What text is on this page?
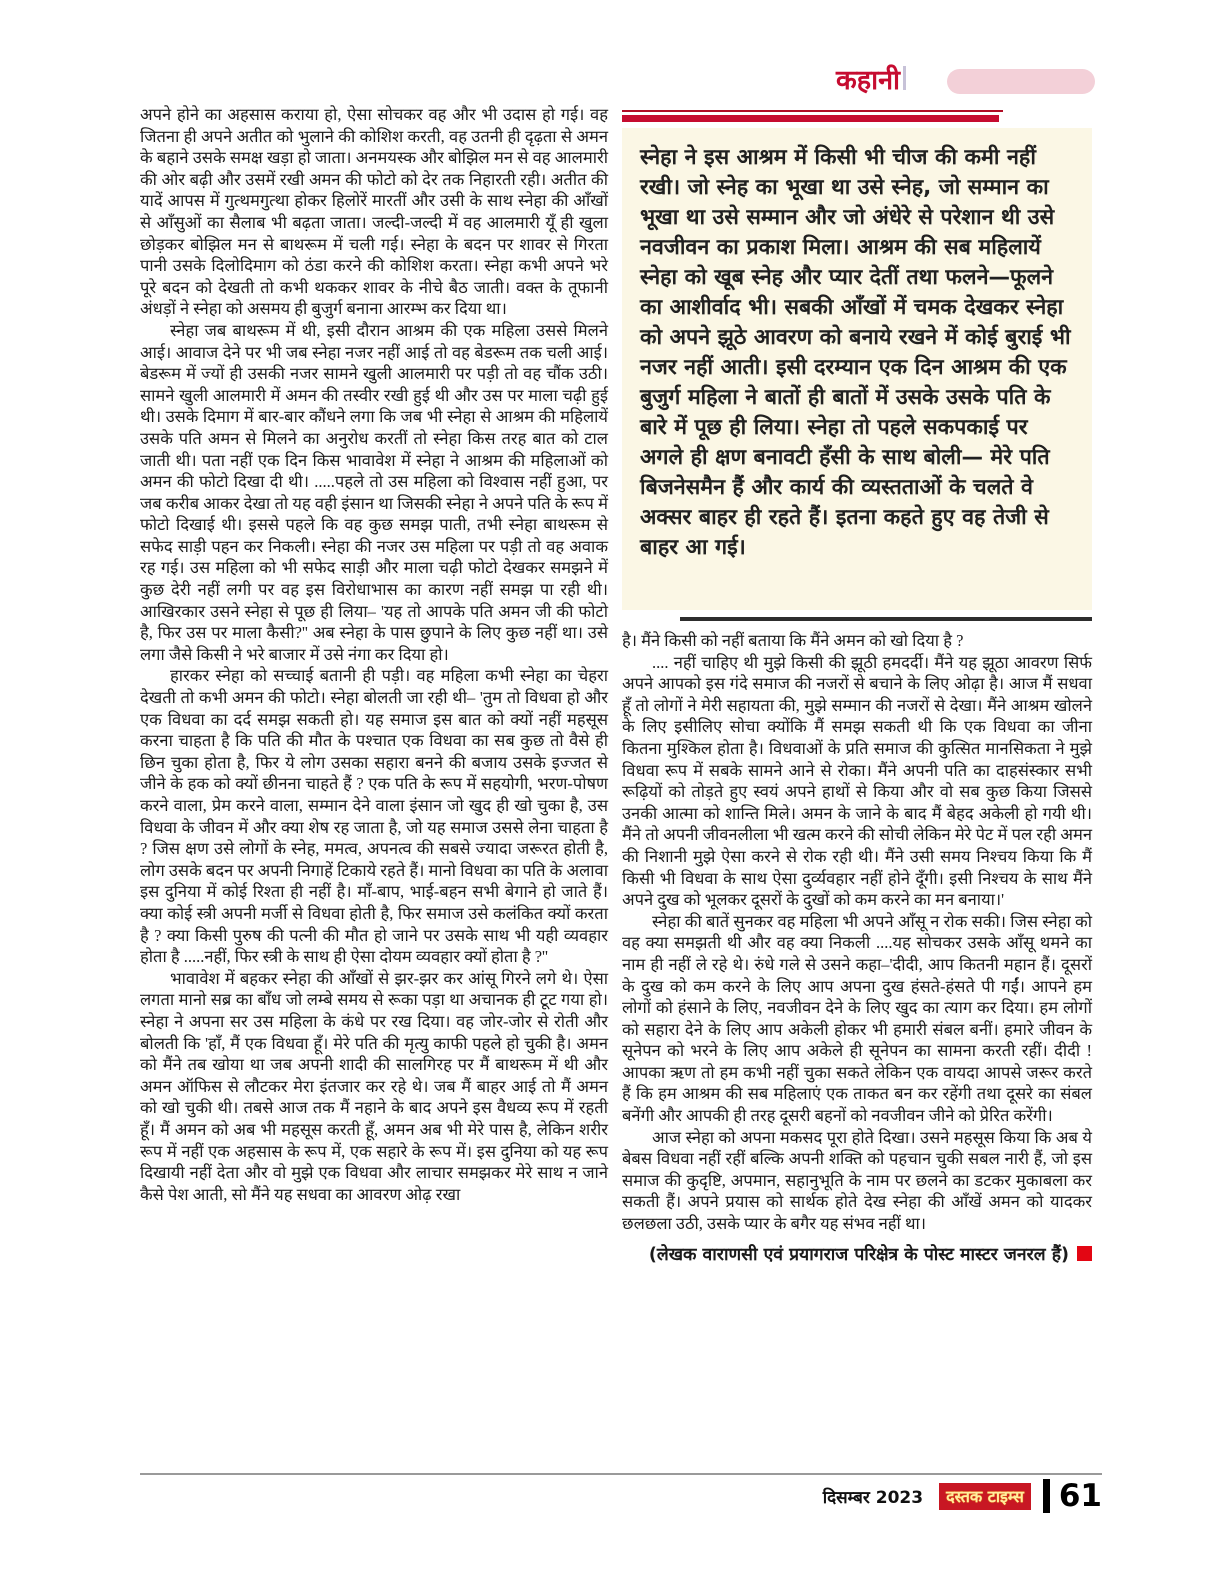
कहानी

स्नेहा ने इस आश्रम में किसी भी चीज की कमी नहीं रखी। जो स्नेह का भूखा था उसे स्नेह, जो सम्मान का भूखा था उसे सम्मान और जो अंधेरे से परेशान थी उसे नवजीवन का प्रकाश मिला। आश्रम की सब महिलायें स्नेहा को खूब स्नेह और प्यार देतीं तथा फलने—फूलने का आशीर्वाद भी। सबकी आँखों में चमक देखकर स्नेहा को अपने झूठे आवरण को बनाये रखने में कोई बुराई भी नजर नहीं आती। इसी दरम्यान एक दिन आश्रम की एक बुजुर्ग महिला ने बातों ही बातों में उसके उसके पति के बारे में पूछ ही लिया। स्नेहा तो पहले सकपकाई पर अगले ही क्षण बनावटी हँसी के साथ बोली— मेरे पति बिजनेसमैन हैं और कार्य की व्यस्तताओं के चलते वे अक्सर बाहर ही रहते हैं। इतना कहते हुए वह तेजी से बाहर आ गई।

अपने होने का अहसास कराया हो, ऐसा सोचकर वह और भी उदास हो गई। वह जितना ही अपने अतीत को भुलाने की कोशिश करती, वह उतनी ही दृढ़ता से अमन के बहाने उसके समक्ष खड़ा हो जाता। अनमयस्क और बोझिल मन से वह आलमारी की ओर बढ़ी और उसमें रखी अमन की फोटो को देर तक निहारती रही। अतीत की यादें आपस में गुत्थमगुत्था होकर हिलोरें मारतीं और उसी के साथ स्नेहा की आँखों से आँसुओं का सैलाब भी बढ़ता जाता। जल्दी-जल्दी में वह आलमारी यूँ ही खुला छोड़कर बोझिल मन से बाथरूम में चली गई। स्नेहा के बदन पर शावर से गिरता पानी उसके दिलोदिमाग को ठंडा करने की कोशिश करता। स्नेहा कभी अपने भरे पूरे बदन को देखती तो कभी थककर शावर के नीचे बैठ जाती। वक्त के तूफानी अंधड़ों ने स्नेहा को असमय ही बुजुर्ग बनाना आरम्भ कर दिया था।

स्नेहा जब बाथरूम में थी, इसी दौरान आश्रम की एक महिला उससे मिलने आई। आवाज देने पर भी जब स्नेहा नजर नहीं आई तो वह बेडरूम तक चली आई। बेडरूम में ज्यों ही उसकी नजर सामने खुली आलमारी पर पड़ी तो वह चौंक उठी। सामने खुली आलमारी में अमन की तस्वीर रखी हुई थी और उस पर माला चढ़ी हुई थी। उसके दिमाग में बार-बार कौंधने लगा कि जब भी स्नेहा से आश्रम की महिलायें उसके पति अमन से मिलने का अनुरोध करतीं तो स्नेहा किस तरह बात को टाल जाती थी। पता नहीं एक दिन किस भावावेश में स्नेहा ने आश्रम की महिलाओं को अमन की फोटो दिखा दी थी। .....पहले तो उस महिला को विश्वास नहीं हुआ, पर जब करीब आकर देखा तो यह वही इंसान था जिसकी स्नेहा ने अपने पति के रूप में फोटो दिखाई थी। इससे पहले कि वह कुछ समझ पाती, तभी स्नेहा बाथरूम से सफेद साड़ी पहन कर निकली। स्नेहा की नजर उस महिला पर पड़ी तो वह अवाक रह गई। उस महिला को भी सफेद साड़ी और माला चढ़ी फोटो देखकर समझने में कुछ देरी नहीं लगी पर वह इस विरोधाभास का कारण नहीं समझ पा रही थी। आखिरकार उसने स्नेहा से पूछ ही लिया– 'यह तो आपके पति अमन जी की फोटो है, फिर उस पर माला कैसी?'' अब स्नेहा के पास छुपाने के लिए कुछ नहीं था। उसे लगा जैसे किसी ने भरे बाजार में उसे नंगा कर दिया हो।

हारकर स्नेहा को सच्चाई बतानी ही पड़ी। वह महिला कभी स्नेहा का चेहरा देखती तो कभी अमन की फोटो। स्नेहा बोलती जा रही थी– 'तुम तो विधवा हो और एक विधवा का दर्द समझ सकती हो। यह समाज इस बात को क्यों नहीं महसूस करना चाहता है कि पति की मौत के पश्चात एक विधवा का सब कुछ तो वैसे ही छिन चुका होता है, फिर ये लोग उसका सहारा बनने की बजाय उसके इज्जत से जीने के हक को क्यों छीनना चाहते हैं ? एक पति के रूप में सहयोगी, भरण-पोषण करने वाला, प्रेम करने वाला, सम्मान देने वाला इंसान जो खुद ही खो चुका है, उस विधवा के जीवन में और क्या शेष रह जाता है, जो यह समाज उससे लेना चाहता है ? जिस क्षण उसे लोगों के स्नेह, ममत्व, अपनत्व की सबसे ज्यादा जरूरत होती है, लोग उसके बदन पर अपनी निगाहें टिकाये रहते हैं। मानो विधवा का पति के अलावा इस दुनिया में कोई रिश्ता ही नहीं है। माँ-बाप, भाई-बहन सभी बेगाने हो जाते हैं। क्या कोई स्त्री अपनी मर्जी से विधवा होती है, फिर समाज उसे कलंकित क्यों करता है ? क्या किसी पुरुष की पत्नी की मौत हो जाने पर उसके साथ भी यही व्यवहार होता है .....नहीं, फिर स्त्री के साथ ही ऐसा दोयम व्यवहार क्यों होता है ?''

भावावेश में बहकर स्नेहा की आँखों से झर-झर कर आंसू गिरने लगे थे। ऐसा लगता मानो सब्र का बाँध जो लम्बे समय से रूका पड़ा था अचानक ही टूट गया हो। स्नेहा ने अपना सर उस महिला के कंधे पर रख दिया। वह जोर-जोर से रोती और बोलती कि 'हाँ, मैं एक विधवा हूँ। मेरे पति की मृत्यु काफी पहले हो चुकी है। अमन को मैंने तब खोया था जब अपनी शादी की सालगिरह पर मैं बाथरूम में थी और अमन ऑफिस से लौटकर मेरा इंतजार कर रहे थे। जब मैं बाहर आई तो मैं अमन को खो चुकी थी। तबसे आज तक मैं नहाने के बाद अपने इस वैधव्य रूप में रहती हूँ। मैं अमन को अब भी महसूस करती हूँ, अमन अब भी मेरे पास है, लेकिन शरीर रूप में नहीं एक अहसास के रूप में, एक सहारे के रूप में। इस दुनिया को यह रूप दिखायी नहीं देता और वो मुझे एक विधवा और लाचार समझकर मेरे साथ न जाने कैसे पेश आती, सो मैंने यह सधवा का आवरण ओढ़ रखा

है। मैंने किसी को नहीं बताया कि मैंने अमन को खो दिया है ?

.... नहीं चाहिए थी मुझे किसी की झूठी हमदर्दी। मैंने यह झूठा आवरण सिर्फ अपने आपको इस गंदे समाज की नजरों से बचाने के लिए ओढ़ा है। आज मैं सधवा हूँ तो लोगों ने मेरी सहायता की, मुझे सम्मान की नजरों से देखा। मैंने आश्रम खोलने के लिए इसीलिए सोचा क्योंकि मैं समझ सकती थी कि एक विधवा का जीना कितना मुश्किल होता है। विधवाओं के प्रति समाज की कुत्सित मानसिकता ने मुझे विधवा रूप में सबके सामने आने से रोका। मैंने अपनी पति का दाहसंस्कार सभी रूढ़ियों को तोड़ते हुए स्वयं अपने हाथों से किया और वो सब कुछ किया जिससे उनकी आत्मा को शान्ति मिले। अमन के जाने के बाद मैं बेहद अकेली हो गयी थी। मैंने तो अपनी जीवनलीला भी खत्म करने की सोची लेकिन मेरे पेट में पल रही अमन की निशानी मुझे ऐसा करने से रोक रही थी। मैंने उसी समय निश्चय किया कि मैं किसी भी विधवा के साथ ऐसा दुर्व्यवहार नहीं होने दूँगी। इसी निश्चय के साथ मैंने अपने दुख को भूलकर दूसरों के दुखों को कम करने का मन बनाया।'

स्नेहा की बातें सुनकर वह महिला भी अपने आँसू न रोक सकी। जिस स्नेहा को वह क्या समझती थी और वह क्या निकली ....यह सोचकर उसके आँसू थमने का नाम ही नहीं ले रहे थे। रुंधे गले से उसने कहा–'दीदी, आप कितनी महान हैं। दूसरों के दुख को कम करने के लिए आप अपना दुख हंसते-हंसते पी गईं। आपने हम लोगों को हंसाने के लिए, नवजीवन देने के लिए खुद का त्याग कर दिया। हम लोगों को सहारा देने के लिए आप अकेली होकर भी हमारी संबल बनीं। हमारे जीवन के सूनेपन को भरने के लिए आप अकेले ही सूनेपन का सामना करती रहीं। दीदी ! आपका ऋण तो हम कभी नहीं चुका सकते लेकिन एक वायदा आपसे जरूर करते हैं कि हम आश्रम की सब महिलाएं एक ताकत बन कर रहेंगी तथा दूसरे का संबल बनेंगी और आपकी ही तरह दूसरी बहनों को नवजीवन जीने को प्रेरित करेंगी।

आज स्नेहा को अपना मकसद पूरा होते दिखा। उसने महसूस किया कि अब ये बेबस विधवा नहीं रहीं बल्कि अपनी शक्ति को पहचान चुकी सबल नारी हैं, जो इस समाज की कुदृष्टि, अपमान, सहानुभूति के नाम पर छलने का डटकर मुकाबला कर सकती हैं। अपने प्रयास को सार्थक होते देख स्नेहा की आँखें अमन को यादकर छलछला उठी, उसके प्यार के बगैर यह संभव नहीं था।

(लेखक वाराणसी एवं प्रयागराज परिक्षेत्र के पोस्ट मास्टर जनरल हैं)

दिसम्बर 2023	दस्तक टाइम्स 61
